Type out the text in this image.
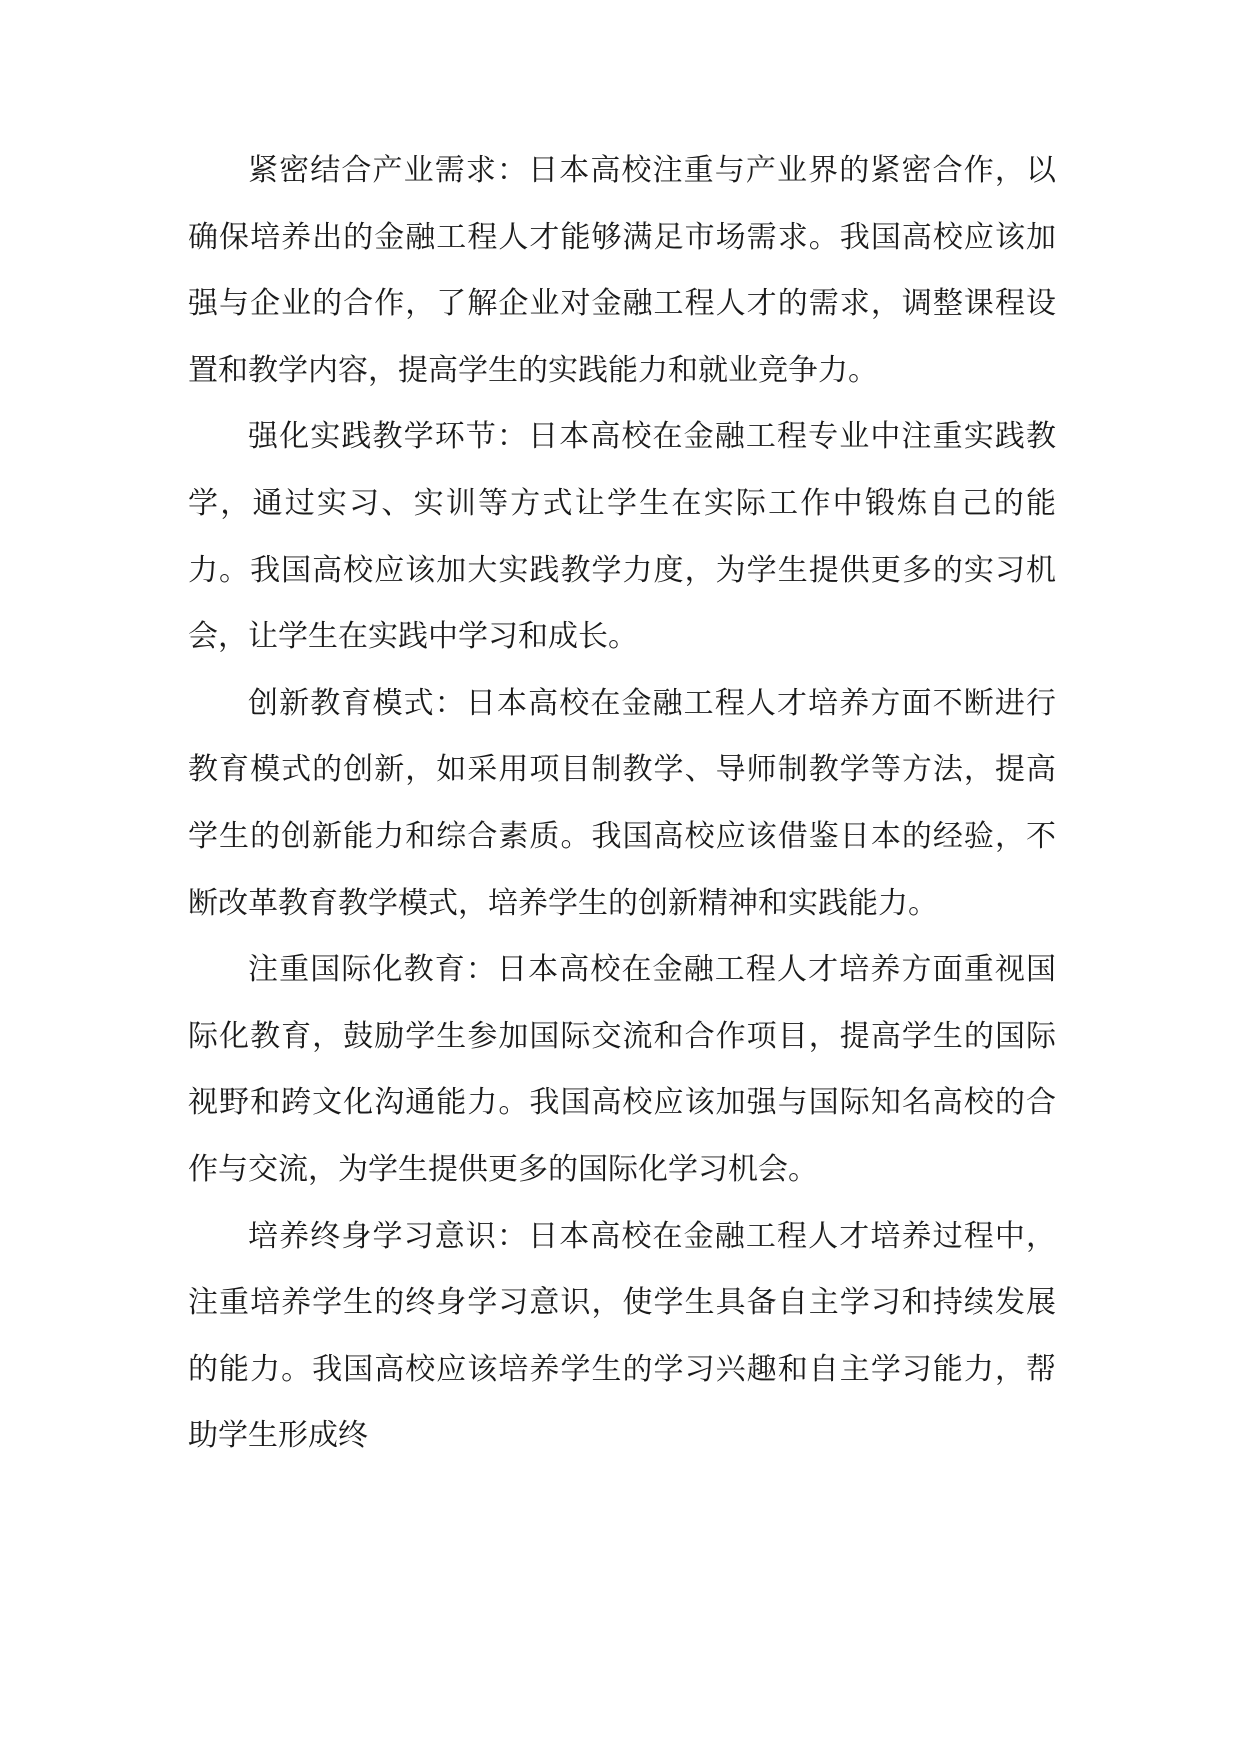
紧密结合产业需求：日本高校注重与产业界的紧密合作，以确保培养出的金融工程人才能够满足市场需求。我国高校应该加强与企业的合作，了解企业对金融工程人才的需求，调整课程设置和教学内容，提高学生的实践能力和就业竞争力。

强化实践教学环节：日本高校在金融工程专业中注重实践教学，通过实习、实训等方式让学生在实际工作中锻炼自己的能力。我国高校应该加大实践教学力度，为学生提供更多的实习机会，让学生在实践中学习和成长。

创新教育模式：日本高校在金融工程人才培养方面不断进行教育模式的创新，如采用项目制教学、导师制教学等方法，提高学生的创新能力和综合素质。我国高校应该借鉴日本的经验，不断改革教育教学模式，培养学生的创新精神和实践能力。

注重国际化教育：日本高校在金融工程人才培养方面重视国际化教育，鼓励学生参加国际交流和合作项目，提高学生的国际视野和跨文化沟通能力。我国高校应该加强与国际知名高校的合作与交流，为学生提供更多的国际化学习机会。

培养终身学习意识：日本高校在金融工程人才培养过程中，注重培养学生的终身学习意识，使学生具备自主学习和持续发展的能力。我国高校应该培养学生的学习兴趣和自主学习能力，帮助学生形成终
